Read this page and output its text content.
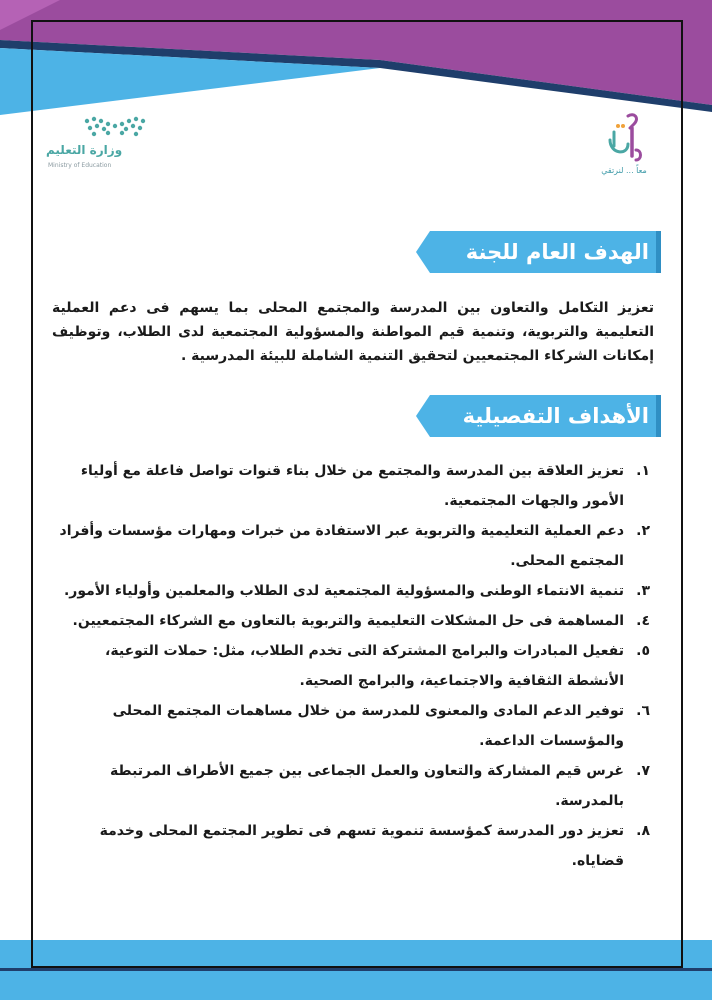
وزارة التعليم
Ministry of Education
معاً ... لنرتقي
الهدف العام للجنة

تعزيز التكامل والتعاون بين المدرسة والمجتمع المحلى بما يسهم فى دعم العملية التعليمية والتربوية، وتنمية قيم المواطنة والمسؤولية المجتمعية لدى الطلاب، وتوظيف إمكانات الشركاء المجتمعيين لتحقيق التنمية الشاملة للبيئة المدرسية .

الأهداف التفصيلية
١.
تعزيز العلاقة بين المدرسة والمجتمع من خلال بناء قنوات تواصل فاعلة مع أولياء الأمور والجهات المجتمعية.
٢.
دعم العملية التعليمية والتربوية عبر الاستفادة من خبرات ومهارات مؤسسات وأفراد المجتمع المحلى.
٣.
تنمية الانتماء الوطنى والمسؤولية المجتمعية لدى الطلاب والمعلمين وأولياء الأمور.
٤.
المساهمة فى حل المشكلات التعليمية والتربوية بالتعاون مع الشركاء المجتمعيين.
٥.
تفعيل المبادرات والبرامج المشتركة التى تخدم الطلاب، مثل: حملات التوعية، الأنشطة الثقافية والاجتماعية، والبرامج الصحية.
٦.
توفير الدعم المادى والمعنوى للمدرسة من خلال مساهمات المجتمع المحلى والمؤسسات الداعمة.
٧.
غرس قيم المشاركة والتعاون والعمل الجماعى بين جميع الأطراف المرتبطة بالمدرسة.
٨.
تعزيز دور المدرسة كمؤسسة تنموية تسهم فى تطوير المجتمع المحلى وخدمة قضاياه.
